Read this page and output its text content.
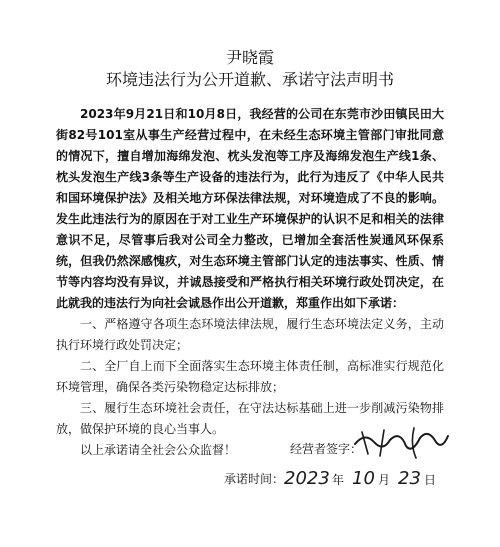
尹晓霞

环境违法行为公开道歉、承诺守法声明书

2023年9月21日和10月8日，我经营的公司在东莞市沙田镇民田大街82号101室从事生产经营过程中，在未经生态环境主管部门审批同意的情况下，擅自增加海绵发泡、枕头发泡等工序及海绵发泡生产线1条、枕头发泡生产线3条等生产设备的违法行为，此行为违反了《中华人民共和国环境保护法》及相关地方环保法律法规，对环境造成了不良的影响。发生此违法行为的原因在于对工业生产环境保护的认识不足和相关的法律意识不足，尽管事后我对公司全力整改，已增加全套活性炭通风环保系统，但我仍然深感愧疚，对生态环境主管部门认定的违法事实、性质、情节等内容均没有异议，并诚恳接受和严格执行相关环境行政处罚决定，在此就我的违法行为向社会诚恳作出公开道歉，郑重作出如下承诺：

一、严格遵守各项生态环境法律法规，履行生态环境法定义务，主动执行环境行政处罚决定；

二、全厂自上而下全面落实生态环境主体责任制，高标准实行规范化环境管理，确保各类污染物稳定达标排放；

三、履行生态环境社会责任，在守法达标基础上进一步削减污染物排放，做保护环境的良心当事人。

以上承诺请全社会公众监督！	经营者签字：
承诺时间： 2023 年 10 月 23 日
